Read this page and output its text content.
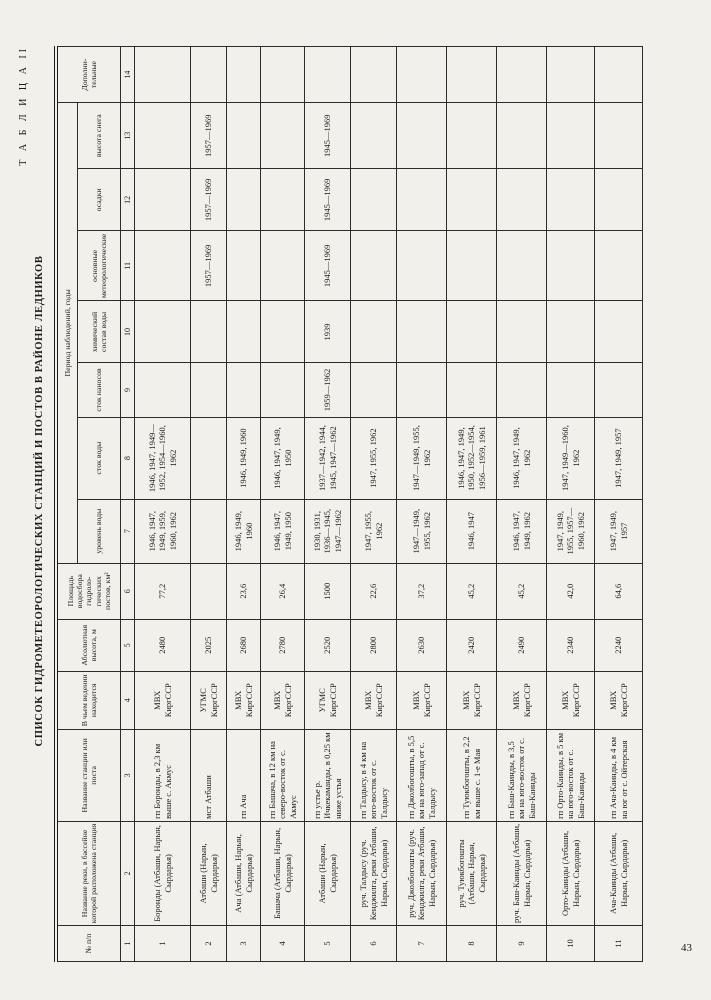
Т А Б Л И Ц А II
СПИСОК ГИДРОМЕТЕОРОЛОГИЧЕСКИХ СТАНЦИЙ И ПОСТОВ В РАЙОНЕ ЛЕДНИКОВ
№ п/п	Название реки, в бассейне которой расположена станция	Название станции или поста	В чьем ведении находится	Абсолютная высота, м	Площадь водосбора гидрологических постов, км²	Период наблюдений, годы							Дополнительные
						уровень воды	сток воды	сток наносов	химический состав воды	основные метеорологические	осадки	высота снега	
1	2	3	4	5	6	7	8	9	10	11	12	13	14
1	Боронды (Атбаши, Нарын, Сырдарья)	гп Боронды, в 2,3 км выше с. Акмус	МВХ КиргССР	2480	77,2	1946, 1947, 1949, 1959, 1960, 1962	1946, 1947, 1949—1952, 1954—1960, 1962						
2	Атбаши (Нарын, Сырдарья)	мст Атбаши	УГМС КиргССР	2025						1957—1969	1957—1969	1957—1969	
3	Ача (Атбаши, Нарын, Сырдарья)	гп Ача	МВХ КиргССР	2680	23,6	1946, 1949, 1960	1946, 1949, 1960						
4	Башача (Атбаши, Нарын, Сырдарья)	гп Башача, в 12 км на северо-восток от с. Акмус	МВХ КиргССР	2780	26,4	1946, 1947, 1949, 1950	1946, 1947, 1949, 1950						
5	Атбаши (Нарын, Сырдарья)	гп устье р. Ичкекаманды, в 0,25 км ниже устья	УГМС КиргССР	2520	1500	1930, 1931, 1936—1945, 1947—1962	1937—1942, 1944, 1945, 1947—1962	1959—1962	1939	1945—1969	1945—1969	1945—1969	
6	руч. Талдысу (руч. Кенджилга, реки Атбаши, Нарын, Сырдарья)	гп Талдысу, в 4 км на юго-восток от с. Талдысу	МВХ КиргССР	2800	22,6	1947, 1955, 1962	1947, 1955, 1962						
7	руч. Джолбогошты (руч. Кенджилга, реки Атбаши, Нарын, Сырдарья)	гп Джолбогошты, в 5,5 км на юго-запад от с. Талдысу	МВХ КиргССР	2630	37,2	1947—1949, 1955, 1962	1947—1949, 1955, 1962						
8	руч. Туюкбогошты (Атбаши, Нарын, Сырдарья)	гп Туюкбогошты, в 2,2 км выше с. 1-е Мая	МВХ КиргССР	2420	45,2	1946, 1947	1946, 1947, 1949, 1950, 1952—1954, 1956—1959, 1961						
9	руч. Баш-Каинды (Атбаши, Нарын, Сырдарья)	гп Баш-Каинды, в 3,5 км на юго-восток от с. Баш-Каинды	МВХ КиргССР	2490	45,2	1946, 1947, 1949, 1962	1946, 1947, 1949, 1962						
10	Орто-Каинды (Атбаши, Нарын, Сырдарья)	гп Орто-Каинды, в 5 км на юго-восток от с. Баш-Каинды	МВХ КиргССР	2340	42,0	1947, 1949, 1955, 1957—1960, 1962	1947, 1949—1960, 1962						
11	Ача-Каинды (Атбаши, Нарын, Сырдарья)	гп Ача-Каинды, в 4 км на юг от с. Ойтерская	МВХ КиргССР	2240	64,6	1947, 1949, 1957	1947, 1949, 1957						
43
